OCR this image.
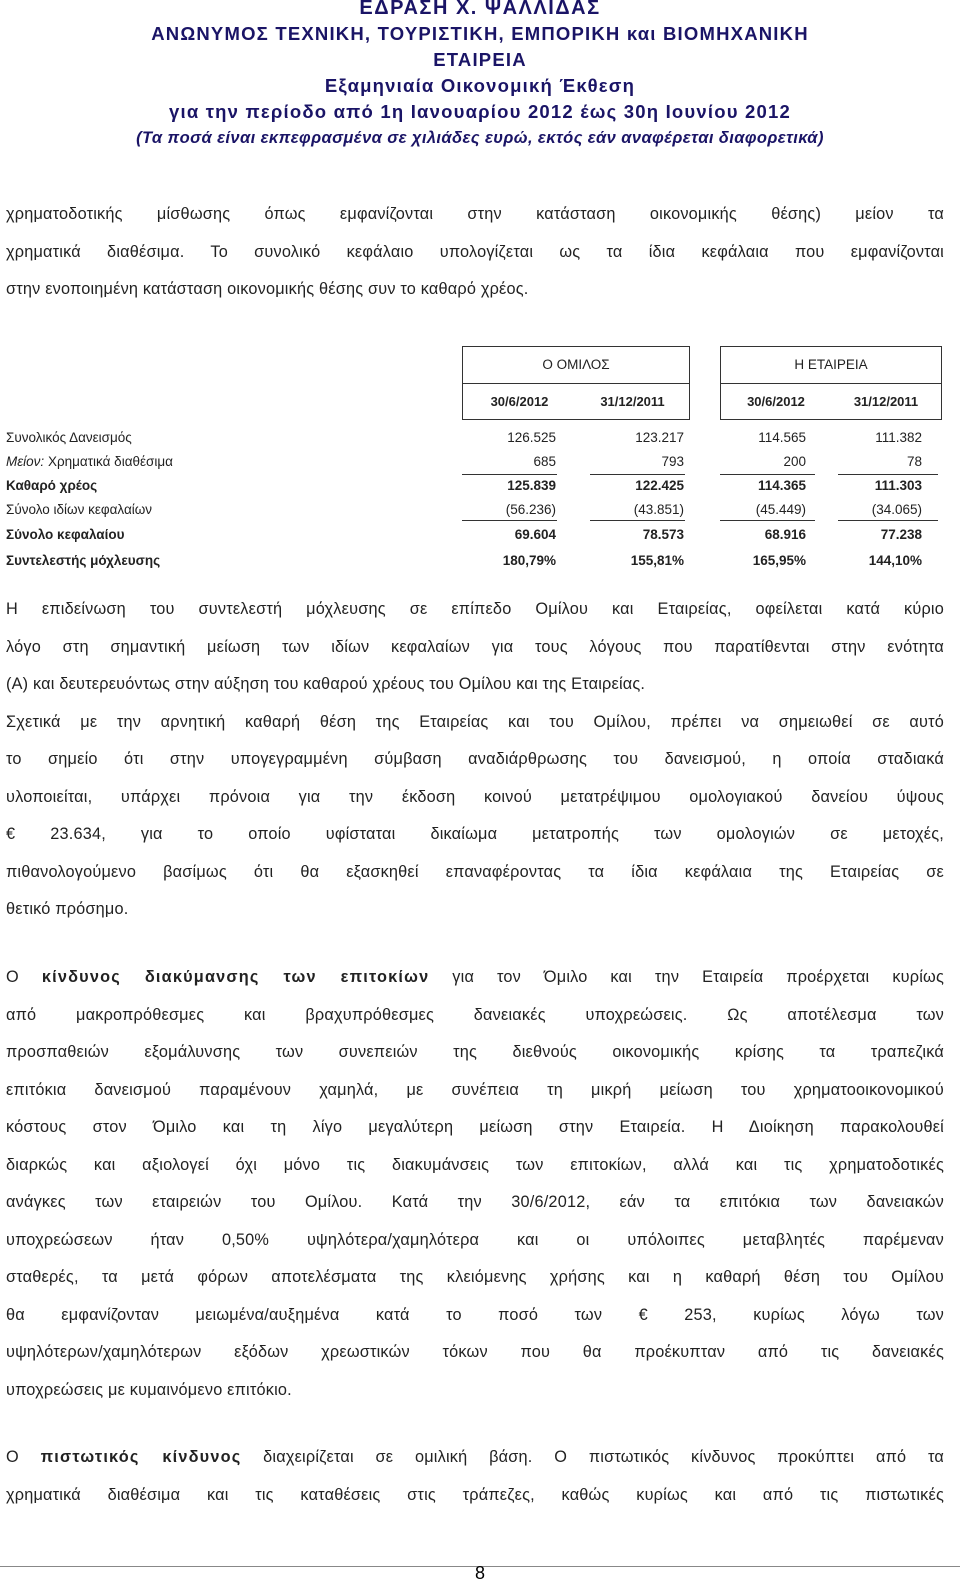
ΕΔΡΑΣΗ Χ. ΨΑΛΛΙΔΑΣ
ΑΝΩΝΥΜΟΣ ΤΕΧΝΙΚΗ, ΤΟΥΡΙΣΤΙΚΗ, ΕΜΠΟΡΙΚΗ και ΒΙΟΜΗΧΑΝΙΚΗ
ΕΤΑΙΡΕΙΑ
Εξαμηνιαία Οικονομική Έκθεση
για την περίοδο από 1η Ιανουαρίου 2012 έως 30η Ιουνίου 2012
(Τα ποσά είναι εκπεφρασμένα σε χιλιάδες ευρώ, εκτός εάν αναφέρεται διαφορετικά)
χρηματοδοτικής μίσθωσης όπως εμφανίζονται στην κατάσταση οικονομικής θέσης) μείον τα
χρηματικά διαθέσιμα. Το συνολικό κεφάλαιο υπολογίζεται ως τα ίδια κεφάλαια που εμφανίζονται
στην ενοποιημένη κατάσταση οικονομικής θέσης συν το καθαρό χρέος.
Ο ΟΜΙΛΟΣ
30/6/2012	31/12/2011
Η ΕΤΑΙΡΕΙΑ
30/6/2012	31/12/2011
Συνολικός Δανεισμός	126.525	123.217	114.565	111.382
Μείον: Χρηματικά διαθέσιμα	685	793	200	78
Καθαρό χρέος	125.839	122.425	114.365	111.303
Σύνολο ιδίων κεφαλαίων	(56.236)	(43.851)	(45.449)	(34.065)
Σύνολο κεφαλαίου	69.604	78.573	68.916	77.238
Συντελεστής μόχλευσης	180,79%	155,81%	165,95%	144,10%
Η επιδείνωση του συντελεστή μόχλευσης σε επίπεδο Ομίλου και Εταιρείας, οφείλεται κατά κύριο
λόγο στη σημαντική μείωση των ιδίων κεφαλαίων για τους λόγους που παρατίθενται στην ενότητα
(Α) και δευτερευόντως στην αύξηση του καθαρού χρέους του Ομίλου και της Εταιρείας.
Σχετικά με την αρνητική καθαρή θέση της Εταιρείας και του Ομίλου, πρέπει να σημειωθεί σε αυτό
το σημείο ότι στην υπογεγραμμένη σύμβαση αναδιάρθρωσης του δανεισμού, η οποία σταδιακά
υλοποιείται, υπάρχει πρόνοια για την έκδοση κοινού μετατρέψιμου ομολογιακού δανείου ύψους
€ 23.634, για το οποίο υφίσταται δικαίωμα μετατροπής των ομολογιών σε μετοχές,
πιθανολογούμενο βασίμως ότι θα εξασκηθεί επαναφέροντας τα ίδια κεφάλαια της Εταιρείας σε
θετικό πρόσημο.
Ο κίνδυνος διακύμανσης των επιτοκίων για τον Όμιλο και την Εταιρεία προέρχεται κυρίως
από μακροπρόθεσμες και βραχυπρόθεσμες δανειακές υποχρεώσεις. Ως αποτέλεσμα των
προσπαθειών εξομάλυνσης των συνεπειών της διεθνούς οικονομικής κρίσης τα τραπεζικά
επιτόκια δανεισμού παραμένουν χαμηλά, με συνέπεια τη μικρή μείωση του χρηματοοικονομικού
κόστους στον Όμιλο και τη λίγο μεγαλύτερη μείωση στην Εταιρεία. Η Διοίκηση παρακολουθεί
διαρκώς και αξιολογεί όχι μόνο τις διακυμάνσεις των επιτοκίων, αλλά και τις χρηματοδοτικές
ανάγκες των εταιρειών του Ομίλου. Κατά την 30/6/2012, εάν τα επιτόκια των δανειακών
υποχρεώσεων ήταν 0,50% υψηλότερα/χαμηλότερα και οι υπόλοιπες μεταβλητές παρέμεναν
σταθερές, τα μετά φόρων αποτελέσματα της κλειόμενης χρήσης και η καθαρή θέση του Ομίλου
θα εμφανίζονταν μειωμένα/αυξημένα κατά το ποσό των € 253, κυρίως λόγω των
υψηλότερων/χαμηλότερων εξόδων χρεωστικών τόκων που θα προέκυπταν από τις δανειακές
υποχρεώσεις με κυμαινόμενο επιτόκιο.
Ο πιστωτικός κίνδυνος διαχειρίζεται σε ομιλική βάση. Ο πιστωτικός κίνδυνος προκύπτει από τα
χρηματικά διαθέσιμα και τις καταθέσεις στις τράπεζες, καθώς κυρίως και από τις πιστωτικές
8
